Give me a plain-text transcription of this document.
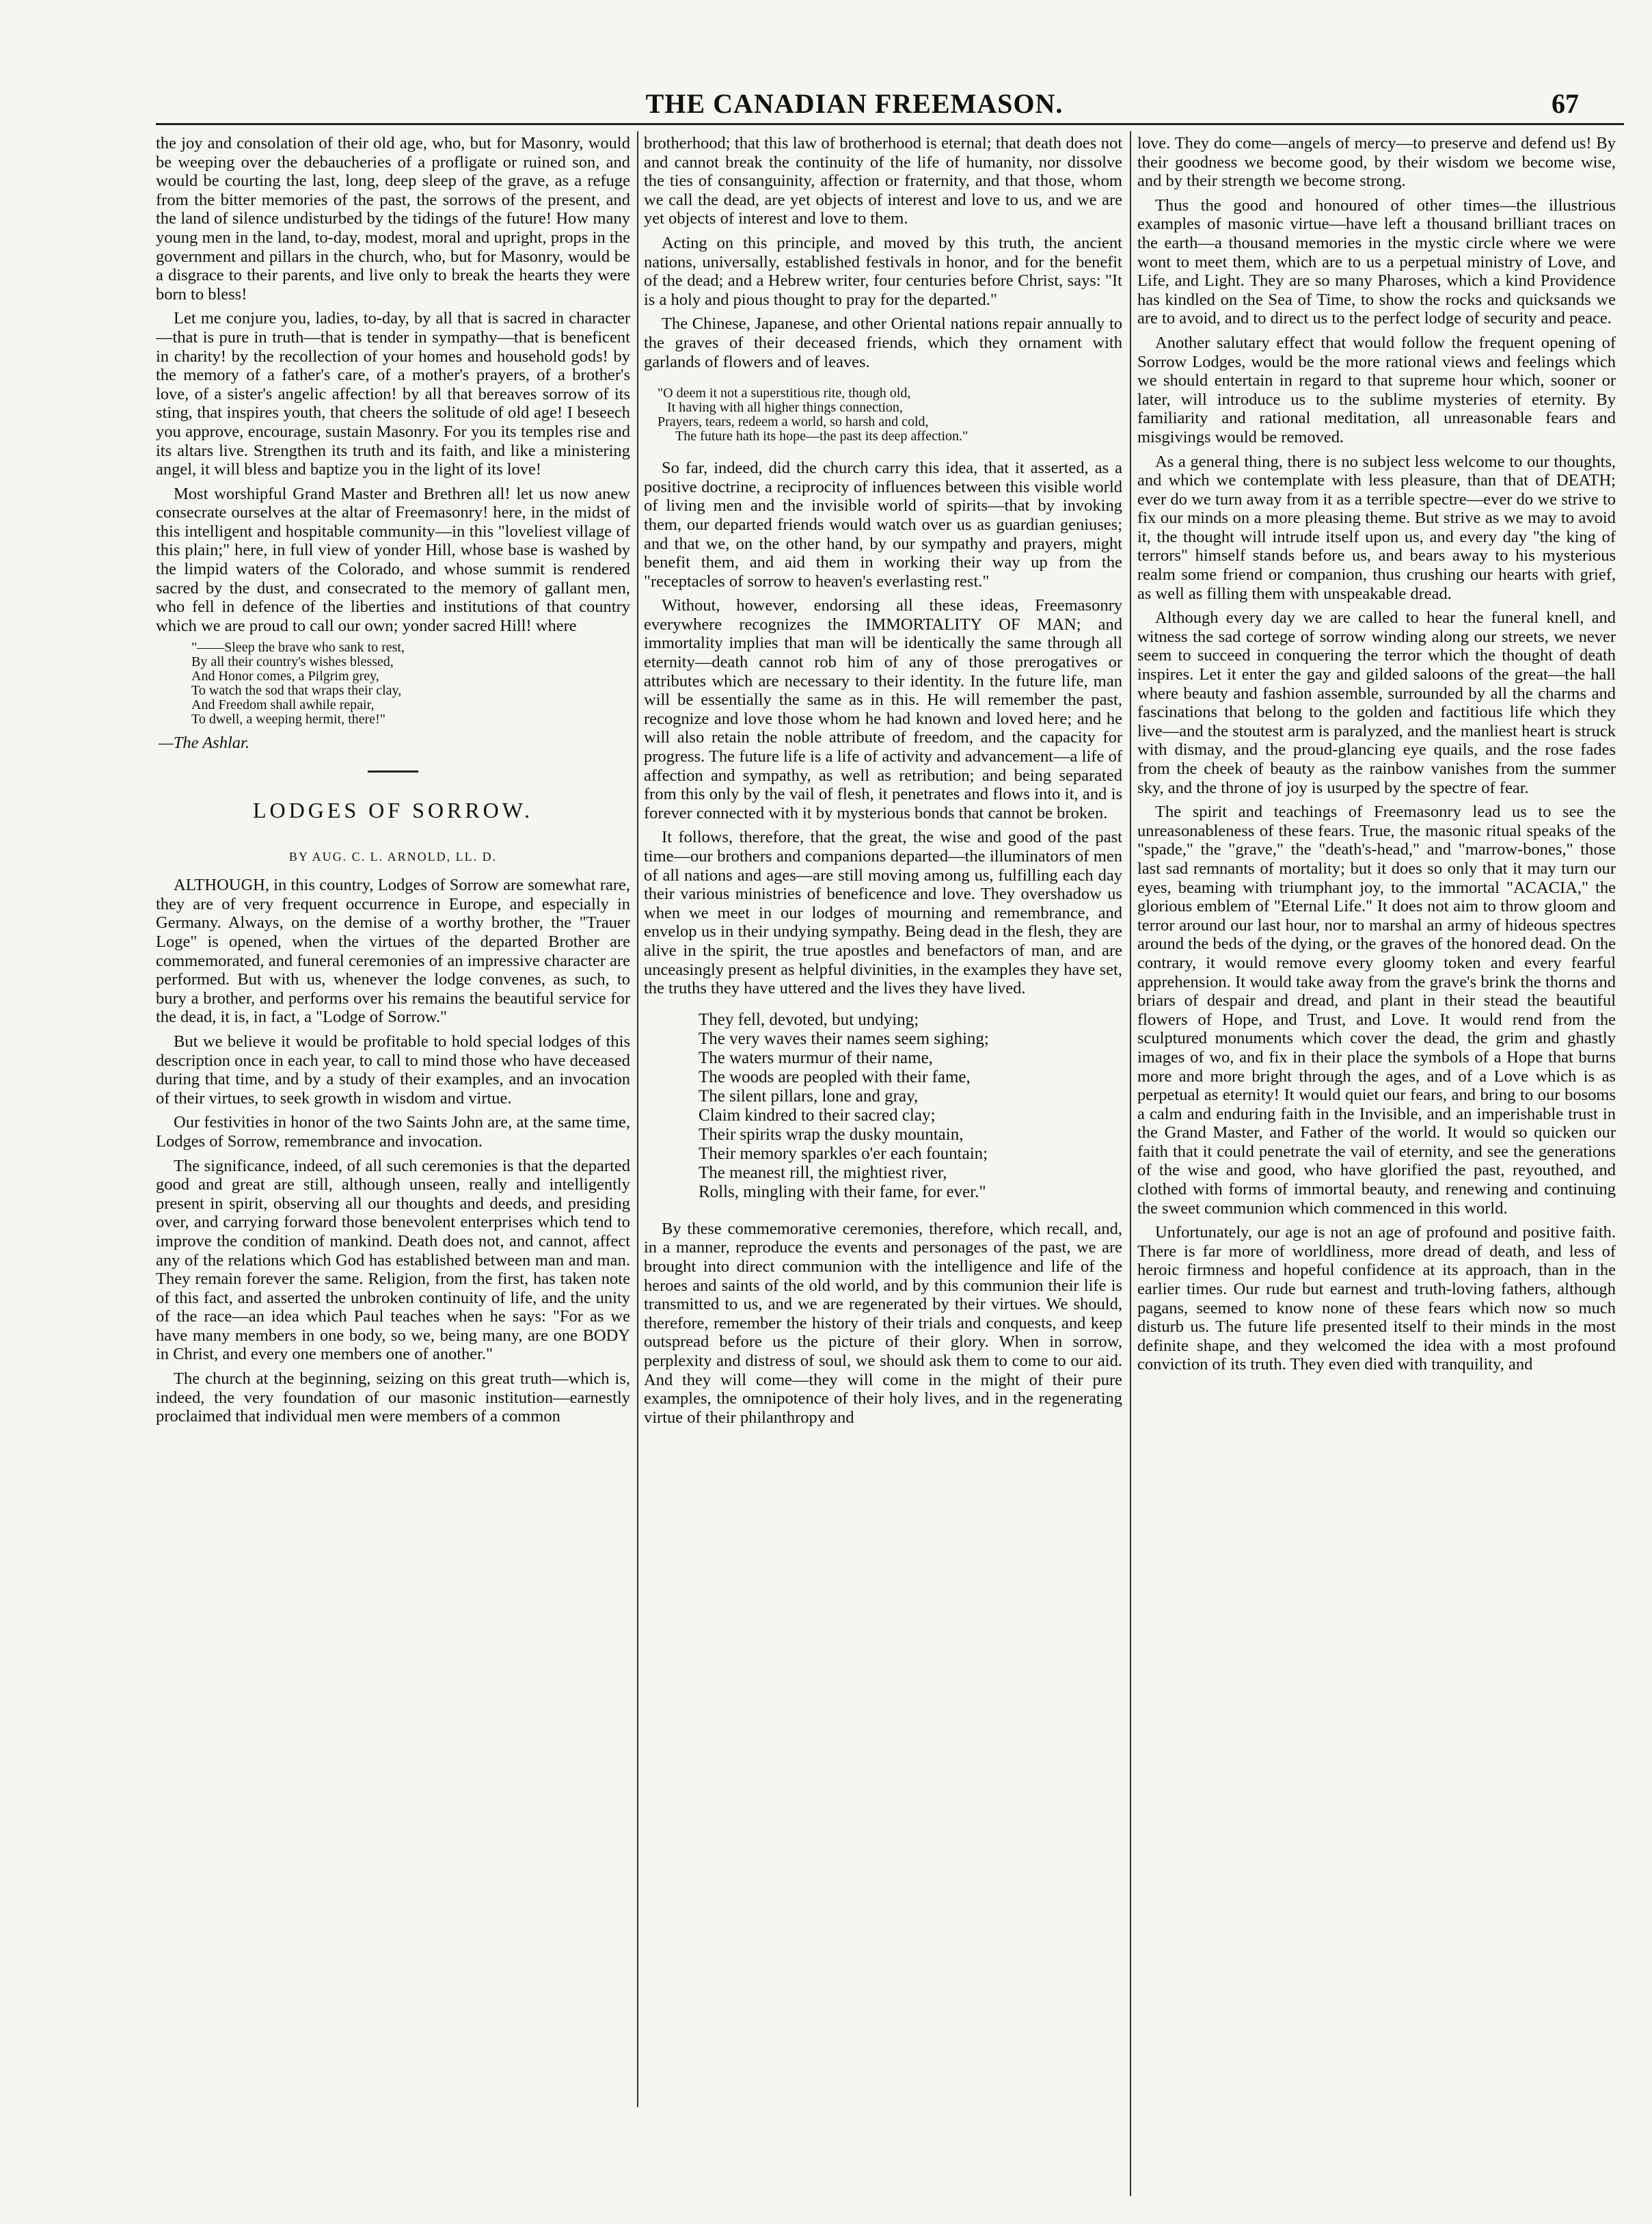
THE CANADIAN FREEMASON.	67

the joy and consolation of their old age, who, but for Masonry, would be weeping over the debaucheries of a profligate or ruined son, and would be courting the last, long, deep sleep of the grave, as a refuge from the bitter memories of the past, the sorrows of the present, and the land of silence undisturbed by the tidings of the future! How many young men in the land, to-day, modest, moral and upright, props in the government and pillars in the church, who, but for Masonry, would be a disgrace to their parents, and live only to break the hearts they were born to bless!

Let me conjure you, ladies, to-day, by all that is sacred in character—that is pure in truth—that is tender in sympathy—that is beneficent in charity! by the recollection of your homes and household gods! by the memory of a father's care, of a mother's prayers, of a brother's love, of a sister's angelic affection! by all that bereaves sorrow of its sting, that inspires youth, that cheers the solitude of old age! I beseech you approve, encourage, sustain Masonry. For you its temples rise and its altars live. Strengthen its truth and its faith, and like a ministering angel, it will bless and baptize you in the light of its love!

Most worshipful Grand Master and Brethren all! let us now anew consecrate ourselves at the altar of Freemasonry! here, in the midst of this intelligent and hospitable community—in this "loveliest village of this plain;" here, in full view of yonder Hill, whose base is washed by the limpid waters of the Colorado, and whose summit is rendered sacred by the dust, and consecrated to the memory of gallant men, who fell in defence of the liberties and institutions of that country which we are proud to call our own; yonder sacred Hill! where

"——Sleep the brave who sank to rest,
By all their country's wishes blessed,
And Honor comes, a Pilgrim grey,
To watch the sod that wraps their clay,
And Freedom shall awhile repair,
To dwell, a weeping hermit, there!"
—The Ashlar.
LODGES OF SORROW.
BY AUG. C. L. ARNOLD, LL. D.

ALTHOUGH, in this country, Lodges of Sorrow are somewhat rare, they are of very frequent occurrence in Europe, and especially in Germany. Always, on the demise of a worthy brother, the "Trauer Loge" is opened, when the virtues of the departed Brother are commemorated, and funeral ceremonies of an impressive character are performed. But with us, whenever the lodge convenes, as such, to bury a brother, and performs over his remains the beautiful service for the dead, it is, in fact, a "Lodge of Sorrow."

But we believe it would be profitable to hold special lodges of this description once in each year, to call to mind those who have deceased during that time, and by a study of their examples, and an invocation of their virtues, to seek growth in wisdom and virtue.

Our festivities in honor of the two Saints John are, at the same time, Lodges of Sorrow, remembrance and invocation.

The significance, indeed, of all such ceremonies is that the departed good and great are still, although unseen, really and intelligently present in spirit, observing all our thoughts and deeds, and presiding over, and carrying forward those benevolent enterprises which tend to improve the condition of mankind. Death does not, and cannot, affect any of the relations which God has established between man and man. They remain forever the same. Religion, from the first, has taken note of this fact, and asserted the unbroken continuity of life, and the unity of the race—an idea which Paul teaches when he says: "For as we have many members in one body, so we, being many, are one BODY in Christ, and every one members one of another."

The church at the beginning, seizing on this great truth—which is, indeed, the very foundation of our masonic institution—earnestly proclaimed that individual men were members of a common

brotherhood; that this law of brotherhood is eternal; that death does not and cannot break the continuity of the life of humanity, nor dissolve the ties of consanguinity, affection or fraternity, and that those, whom we call the dead, are yet objects of interest and love to us, and we are yet objects of interest and love to them.

Acting on this principle, and moved by this truth, the ancient nations, universally, established festivals in honor, and for the benefit of the dead; and a Hebrew writer, four centuries before Christ, says: "It is a holy and pious thought to pray for the departed."

The Chinese, Japanese, and other Oriental nations repair annually to the graves of their deceased friends, which they ornament with garlands of flowers and of leaves.

"O deem it not a superstitious rite, though old,
It having with all higher things connection,
Prayers, tears, redeem a world, so harsh and cold,
The future hath its hope—the past its deep affection."

So far, indeed, did the church carry this idea, that it asserted, as a positive doctrine, a reciprocity of influences between this visible world of living men and the invisible world of spirits—that by invoking them, our departed friends would watch over us as guardian geniuses; and that we, on the other hand, by our sympathy and prayers, might benefit them, and aid them in working their way up from the "receptacles of sorrow to heaven's everlasting rest."

Without, however, endorsing all these ideas, Freemasonry everywhere recognizes the IMMORTALITY OF MAN; and immortality implies that man will be identically the same through all eternity—death cannot rob him of any of those prerogatives or attributes which are necessary to their identity. In the future life, man will be essentially the same as in this. He will remember the past, recognize and love those whom he had known and loved here; and he will also retain the noble attribute of freedom, and the capacity for progress. The future life is a life of activity and advancement—a life of affection and sympathy, as well as retribution; and being separated from this only by the vail of flesh, it penetrates and flows into it, and is forever connected with it by mysterious bonds that cannot be broken.

It follows, therefore, that the great, the wise and good of the past time—our brothers and companions departed—the illuminators of men of all nations and ages—are still moving among us, fulfilling each day their various ministries of beneficence and love. They overshadow us when we meet in our lodges of mourning and remembrance, and envelop us in their undying sympathy. Being dead in the flesh, they are alive in the spirit, the true apostles and benefactors of man, and are unceasingly present as helpful divinities, in the examples they have set, the truths they have uttered and the lives they have lived.

They fell, devoted, but undying;
The very waves their names seem sighing;
The waters murmur of their name,
The woods are peopled with their fame,
The silent pillars, lone and gray,
Claim kindred to their sacred clay;
Their spirits wrap the dusky mountain,
Their memory sparkles o'er each fountain;
The meanest rill, the mightiest river,
Rolls, mingling with their fame, for ever."

By these commemorative ceremonies, therefore, which recall, and, in a manner, reproduce the events and personages of the past, we are brought into direct communion with the intelligence and life of the heroes and saints of the old world, and by this communion their life is transmitted to us, and we are regenerated by their virtues. We should, therefore, remember the history of their trials and conquests, and keep outspread before us the picture of their glory. When in sorrow, perplexity and distress of soul, we should ask them to come to our aid. And they will come—they will come in the might of their pure examples, the omnipotence of their holy lives, and in the regenerating virtue of their philanthropy and

love. They do come—angels of mercy—to preserve and defend us! By their goodness we become good, by their wisdom we become wise, and by their strength we become strong.

Thus the good and honoured of other times—the illustrious examples of masonic virtue—have left a thousand brilliant traces on the earth—a thousand memories in the mystic circle where we were wont to meet them, which are to us a perpetual ministry of Love, and Life, and Light. They are so many Pharoses, which a kind Providence has kindled on the Sea of Time, to show the rocks and quicksands we are to avoid, and to direct us to the perfect lodge of security and peace.

Another salutary effect that would follow the frequent opening of Sorrow Lodges, would be the more rational views and feelings which we should entertain in regard to that supreme hour which, sooner or later, will introduce us to the sublime mysteries of eternity. By familiarity and rational meditation, all unreasonable fears and misgivings would be removed.

As a general thing, there is no subject less welcome to our thoughts, and which we contemplate with less pleasure, than that of DEATH; ever do we turn away from it as a terrible spectre—ever do we strive to fix our minds on a more pleasing theme. But strive as we may to avoid it, the thought will intrude itself upon us, and every day "the king of terrors" himself stands before us, and bears away to his mysterious realm some friend or companion, thus crushing our hearts with grief, as well as filling them with unspeakable dread.

Although every day we are called to hear the funeral knell, and witness the sad cortege of sorrow winding along our streets, we never seem to succeed in conquering the terror which the thought of death inspires. Let it enter the gay and gilded saloons of the great—the hall where beauty and fashion assemble, surrounded by all the charms and fascinations that belong to the golden and factitious life which they live—and the stoutest arm is paralyzed, and the manliest heart is struck with dismay, and the proud-glancing eye quails, and the rose fades from the cheek of beauty as the rainbow vanishes from the summer sky, and the throne of joy is usurped by the spectre of fear.

The spirit and teachings of Freemasonry lead us to see the unreasonableness of these fears. True, the masonic ritual speaks of the "spade," the "grave," the "death's-head," and "marrow-bones," those last sad remnants of mortality; but it does so only that it may turn our eyes, beaming with triumphant joy, to the immortal "ACACIA," the glorious emblem of "Eternal Life." It does not aim to throw gloom and terror around our last hour, nor to marshal an army of hideous spectres around the beds of the dying, or the graves of the honored dead. On the contrary, it would remove every gloomy token and every fearful apprehension. It would take away from the grave's brink the thorns and briars of despair and dread, and plant in their stead the beautiful flowers of Hope, and Trust, and Love. It would rend from the sculptured monuments which cover the dead, the grim and ghastly images of wo, and fix in their place the symbols of a Hope that burns more and more bright through the ages, and of a Love which is as perpetual as eternity! It would quiet our fears, and bring to our bosoms a calm and enduring faith in the Invisible, and an imperishable trust in the Grand Master, and Father of the world. It would so quicken our faith that it could penetrate the vail of eternity, and see the generations of the wise and good, who have glorified the past, reyouthed, and clothed with forms of immortal beauty, and renewing and continuing the sweet communion which commenced in this world.

Unfortunately, our age is not an age of profound and positive faith. There is far more of worldliness, more dread of death, and less of heroic firmness and hopeful confidence at its approach, than in the earlier times. Our rude but earnest and truth-loving fathers, although pagans, seemed to know none of these fears which now so much disturb us. The future life presented itself to their minds in the most definite shape, and they welcomed the idea with a most profound conviction of its truth. They even died with tranquility, and
